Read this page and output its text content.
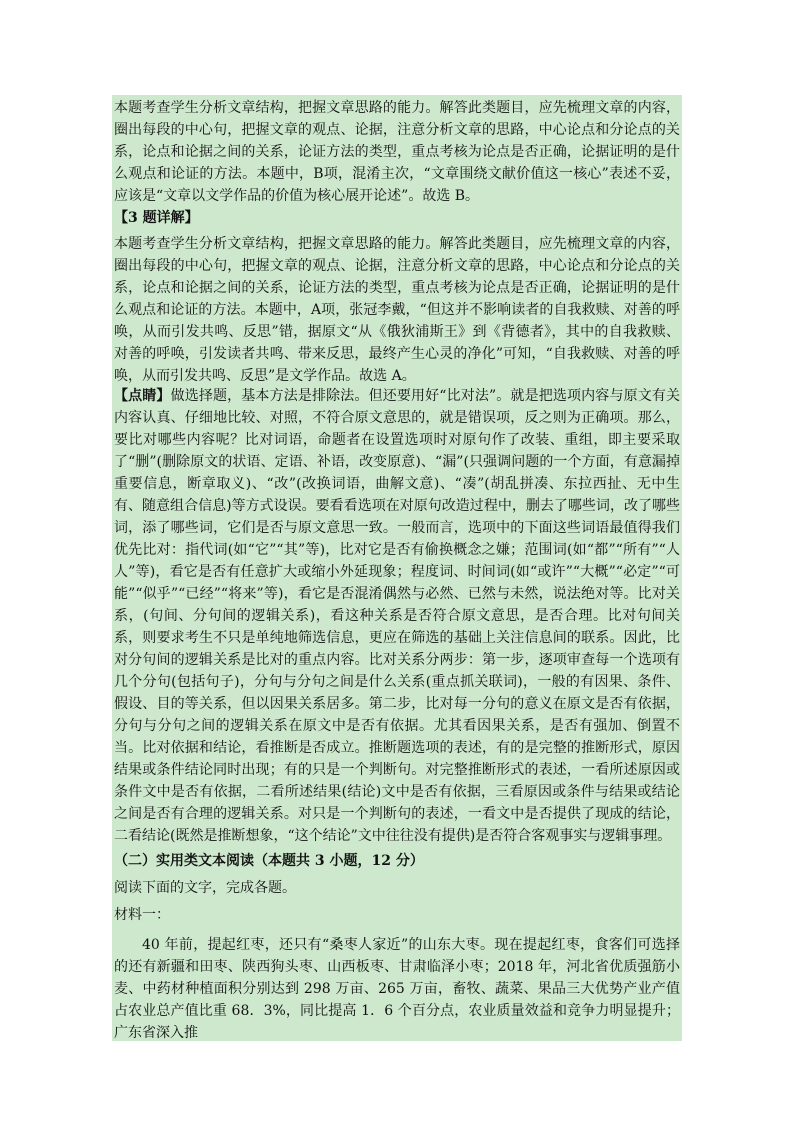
本题考查学生分析文章结构，把握文章思路的能力。解答此类题目，应先梳理文章的内容，圈出每段的中心句，把握文章的观点、论据，注意分析文章的思路，中心论点和分论点的关系，论点和论据之间的关系，论证方法的类型，重点考核为论点是否正确，论据证明的是什么观点和论证的方法。本题中，B项，混淆主次，“文章围绕文献价值这一核心”表述不妥，应该是“文章以文学作品的价值为核心展开论述”。故选 B。
【3 题详解】
本题考查学生分析文章结构，把握文章思路的能力。解答此类题目，应先梳理文章的内容，圈出每段的中心句，把握文章的观点、论据，注意分析文章的思路，中心论点和分论点的关系，论点和论据之间的关系，论证方法的类型，重点考核为论点是否正确，论据证明的是什么观点和论证的方法。本题中，A项，张冠李戴，“但这并不影响读者的自我救赎、对善的呼唤，从而引发共鸣、反思”错，据原文“从《俄狄浦斯王》到《背德者》，其中的自我救赎、对善的呼唤，引发读者共鸣、带来反思，最终产生心灵的净化”可知，“自我救赎、对善的呼唤，从而引发共鸣、反思”是文学作品。故选 A。
【点睛】做选择题，基本方法是排除法。但还要用好“比对法”。就是把选项内容与原文有关内容认真、仔细地比较、对照，不符合原文意思的，就是错误项，反之则为正确项。那么，要比对哪些内容呢？比对词语，命题者在设置选项时对原句作了改装、重组，即主要采取了“删”(删除原文的状语、定语、补语，改变原意)、“漏”(只强调问题的一个方面，有意漏掉重要信息，断章取义)、“改”(改换词语，曲解文意)、“凑”(胡乱拼凑、东拉西扯、无中生有、随意组合信息)等方式设误。要看看选项在对原句改造过程中，删去了哪些词，改了哪些词，添了哪些词，它们是否与原文意思一致。一般而言，选项中的下面这些词语最值得我们优先比对：指代词(如“它”“其”等)，比对它是否有偷换概念之嫌；范围词(如“都”“所有”“人人”等)，看它是否有任意扩大或缩小外延现象；程度词、时间词(如“或许”“大概”“必定”“可能”“似乎”“已经”“将来”等)，看它是否混淆偶然与必然、已然与未然，说法绝对等。比对关系，(句间、分句间的逻辑关系)，看这种关系是否符合原文意思，是否合理。比对句间关系，则要求考生不只是单纯地筛选信息，更应在筛选的基础上关注信息间的联系。因此，比对分句间的逻辑关系是比对的重点内容。比对关系分两步：第一步，逐项审查每一个选项有几个分句(包括句子)，分句与分句之间是什么关系(重点抓关联词)，一般的有因果、条件、假设、目的等关系，但以因果关系居多。第二步，比对每一分句的意义在原文是否有依据，分句与分句之间的逻辑关系在原文中是否有依据。尤其看因果关系，是否有强加、倒置不当。比对依据和结论，看推断是否成立。推断题选项的表述，有的是完整的推断形式，原因结果或条件结论同时出现；有的只是一个判断句。对完整推断形式的表述，一看所述原因或条件文中是否有依据，二看所述结果(结论)文中是否有依据，三看原因或条件与结果或结论之间是否有合理的逻辑关系。对只是一个判断句的表述，一看文中是否提供了现成的结论，二看结论(既然是推断想象，“这个结论”文中往往没有提供)是否符合客观事实与逻辑事理。
（二）实用类文本阅读（本题共 3 小题，12 分）
阅读下面的文字，完成各题。
材料一：
40 年前，提起红枣，还只有“桑枣人家近”的山东大枣。现在提起红枣，食客们可选择的还有新疆和田枣、陕西狗头枣、山西板枣、甘肃临泽小枣；2018 年，河北省优质强筋小麦、中药材种植面积分别达到 298 万亩、265 万亩，畜牧、蔬菜、果品三大优势产业产值占农业总产值比重 68．3%，同比提高 1．6 个百分点，农业质量效益和竞争力明显提升；广东省深入推
